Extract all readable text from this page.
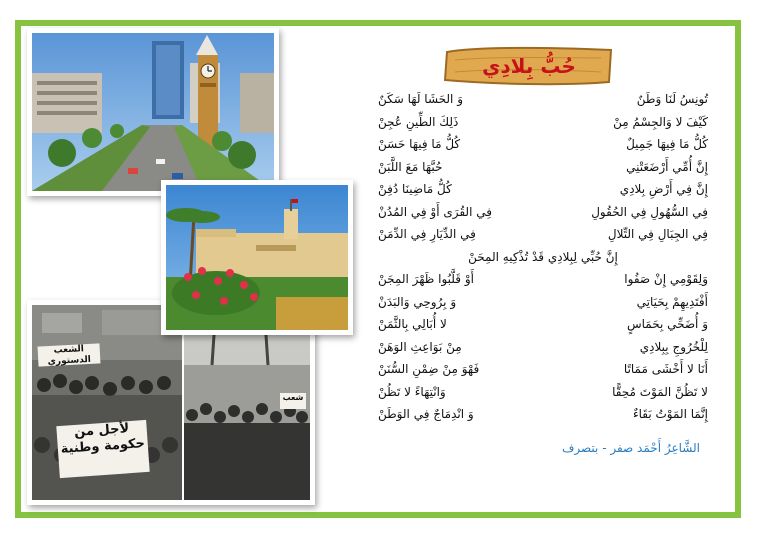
الشعب الدستوري
لأجل من حكومة وطنية
شعب
حُبُّ بِلادِي
تُونِسُ لَنَا وَطَنٌ
وَ الحَشَا لَهَا سَكَنٌ
كَيْفَ لا وَالجِسْمُ مِنْ
ذَلِكَ الطِّينِ عُجِنْ
كُلُّ مَا فِيهَا جَمِيلٌ
كُلُّ مَا فِيهَا حَسَنْ
إِنَّ أُمِّي أَرْضَعَتْنِي
حُبَّهَا مَعَ اللَّبَنْ
إِنَّ فِي أَرْضِ بِلادِي
كُلُّ مَاضِينَا دُفِنْ
فِي السُّهُولِ فِي الحُقُولِ
فِي القُرَى أَوْ فِي المُدُنْ
فِي الجِبَالِ فِي التِّلالِ
فِي الدِّيَارِ فِي الدِّمَنْ
إِنَّ حُبِّي لِبِلادِي قَدْ تُذْكِيهِ المِحَنْ
وَلِقَوْمِي إِنْ صَفُوا
أَوْ قَلَّبُوا ظَهْرَ المِجَنْ
أَفْتَدِيهِمْ بِحَيَاتِي
وَ بِرُوحِي وَالبَدَنْ
وَ أُضَحِّي بِحَمَاسٍ
لا أُبَالِي بِالثَّمَنْ
لِلْخُرُوجِ بِبِلادِي
مِنْ بَوَاعِثِ الوَهَنْ
أَنَا لا أَخْشَى مَمَاتًا
فَهْوَ مِنْ ضِمْنِ السُّنَنْ
لا تَظُنَّ المَوْتَ مُحِقًّا
وَانْتِهَاءً لا تَظُنْ
إِنَّمَا المَوْتُ بَقَاءٌ
وَ انْدِمَاجٌ فِي الوَطَنْ
الشَّاعِرُ أَحْمَد صفر - بتصرف
